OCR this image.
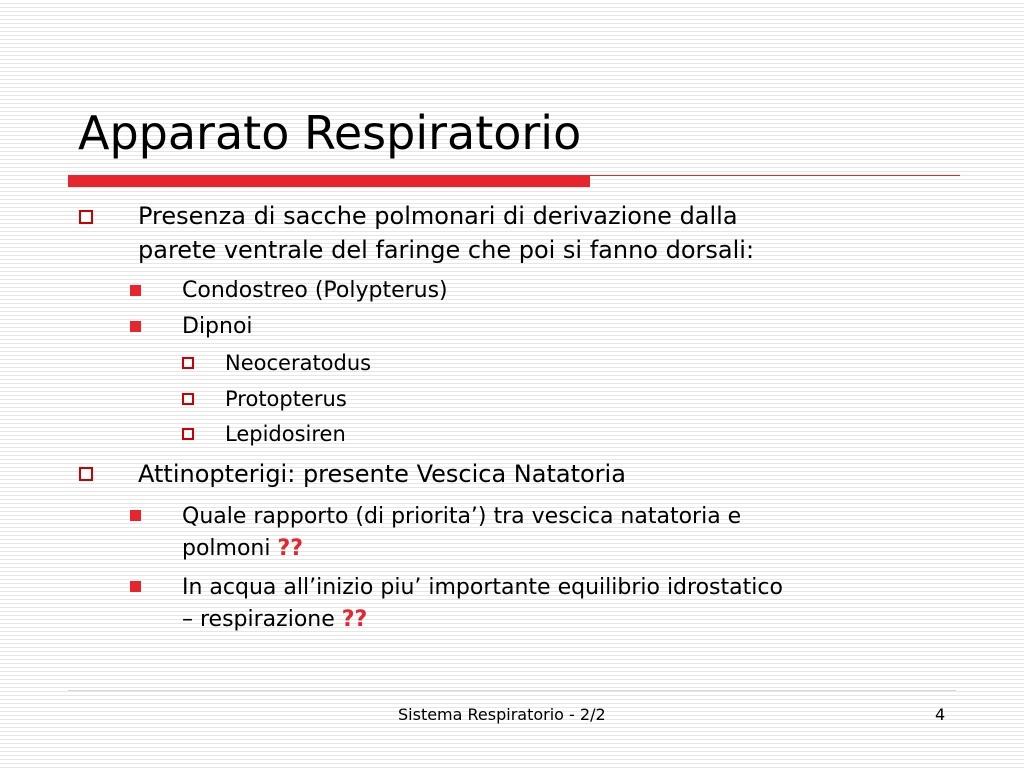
Apparato Respiratorio
Presenza di sacche polmonari di derivazione dalla
parete ventrale del faringe che poi si fanno dorsali:
Condostreo (Polypterus)
Dipnoi
Neoceratodus
Protopterus
Lepidosiren
Attinopterigi: presente Vescica Natatoria
Quale rapporto (di priorita’) tra vescica natatoria e
polmoni ??
In acqua all’inizio piu’ importante equilibrio idrostatico
– respirazione ??
Sistema Respiratorio - 2/2	4
